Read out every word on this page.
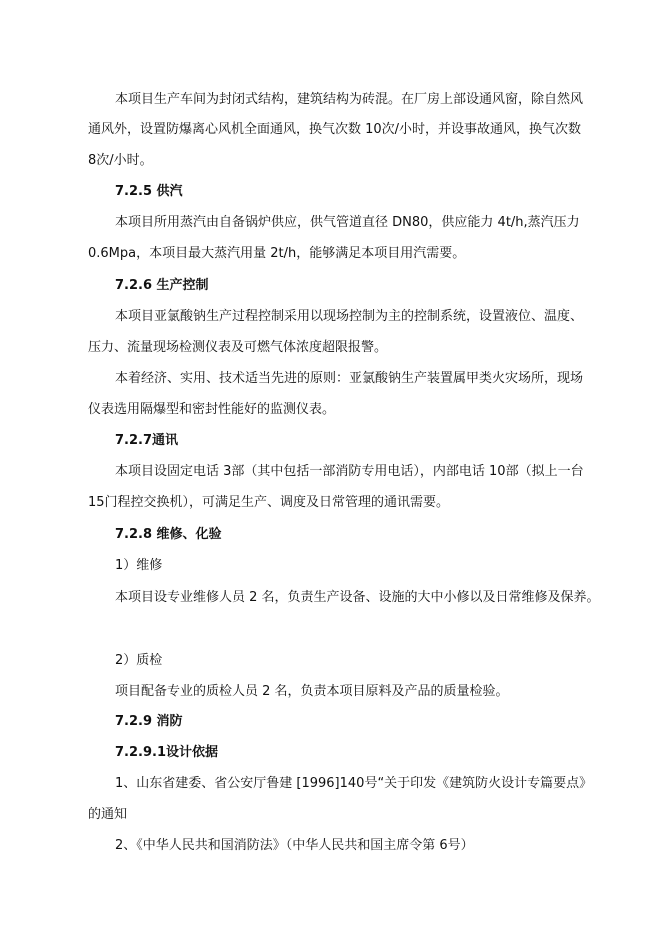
本项目生产车间为封闭式结构，建筑结构为砖混。在厂房上部设通风窗，除自然风
通风外，设置防爆离心风机全面通风，换气次数 10次/小时，并设事故通风，换气次数
8次/小时。
7.2.5 供汽
本项目所用蒸汽由自备锅炉供应，供气管道直径 DN80，供应能力 4t/h,蒸汽压力
0.6Mpa，本项目最大蒸汽用量 2t/h，能够满足本项目用汽需要。
7.2.6 生产控制
本项目亚氯酸钠生产过程控制采用以现场控制为主的控制系统，设置液位、温度、
压力、流量现场检测仪表及可燃气体浓度超限报警。
本着经济、实用、技术适当先进的原则：亚氯酸钠生产装置属甲类火灾场所，现场
仪表选用隔爆型和密封性能好的监测仪表。
7.2.7通讯
本项目设固定电话 3部（其中包括一部消防专用电话），内部电话 10部（拟上一台
15门程控交换机），可满足生产、调度及日常管理的通讯需要。
7.2.8 维修、化验
1）维修
本项目设专业维修人员 2 名，负责生产设备、设施的大中小修以及日常维修及保养。
2）质检
项目配备专业的质检人员 2 名，负责本项目原料及产品的质量检验。
7.2.9 消防
7.2.9.1设计依据
1、山东省建委、省公安厅鲁建 [1996]140号“关于印发《建筑防火设计专篇要点》
的通知
2、《中华人民共和国消防法》（中华人民共和国主席令第 6号）
